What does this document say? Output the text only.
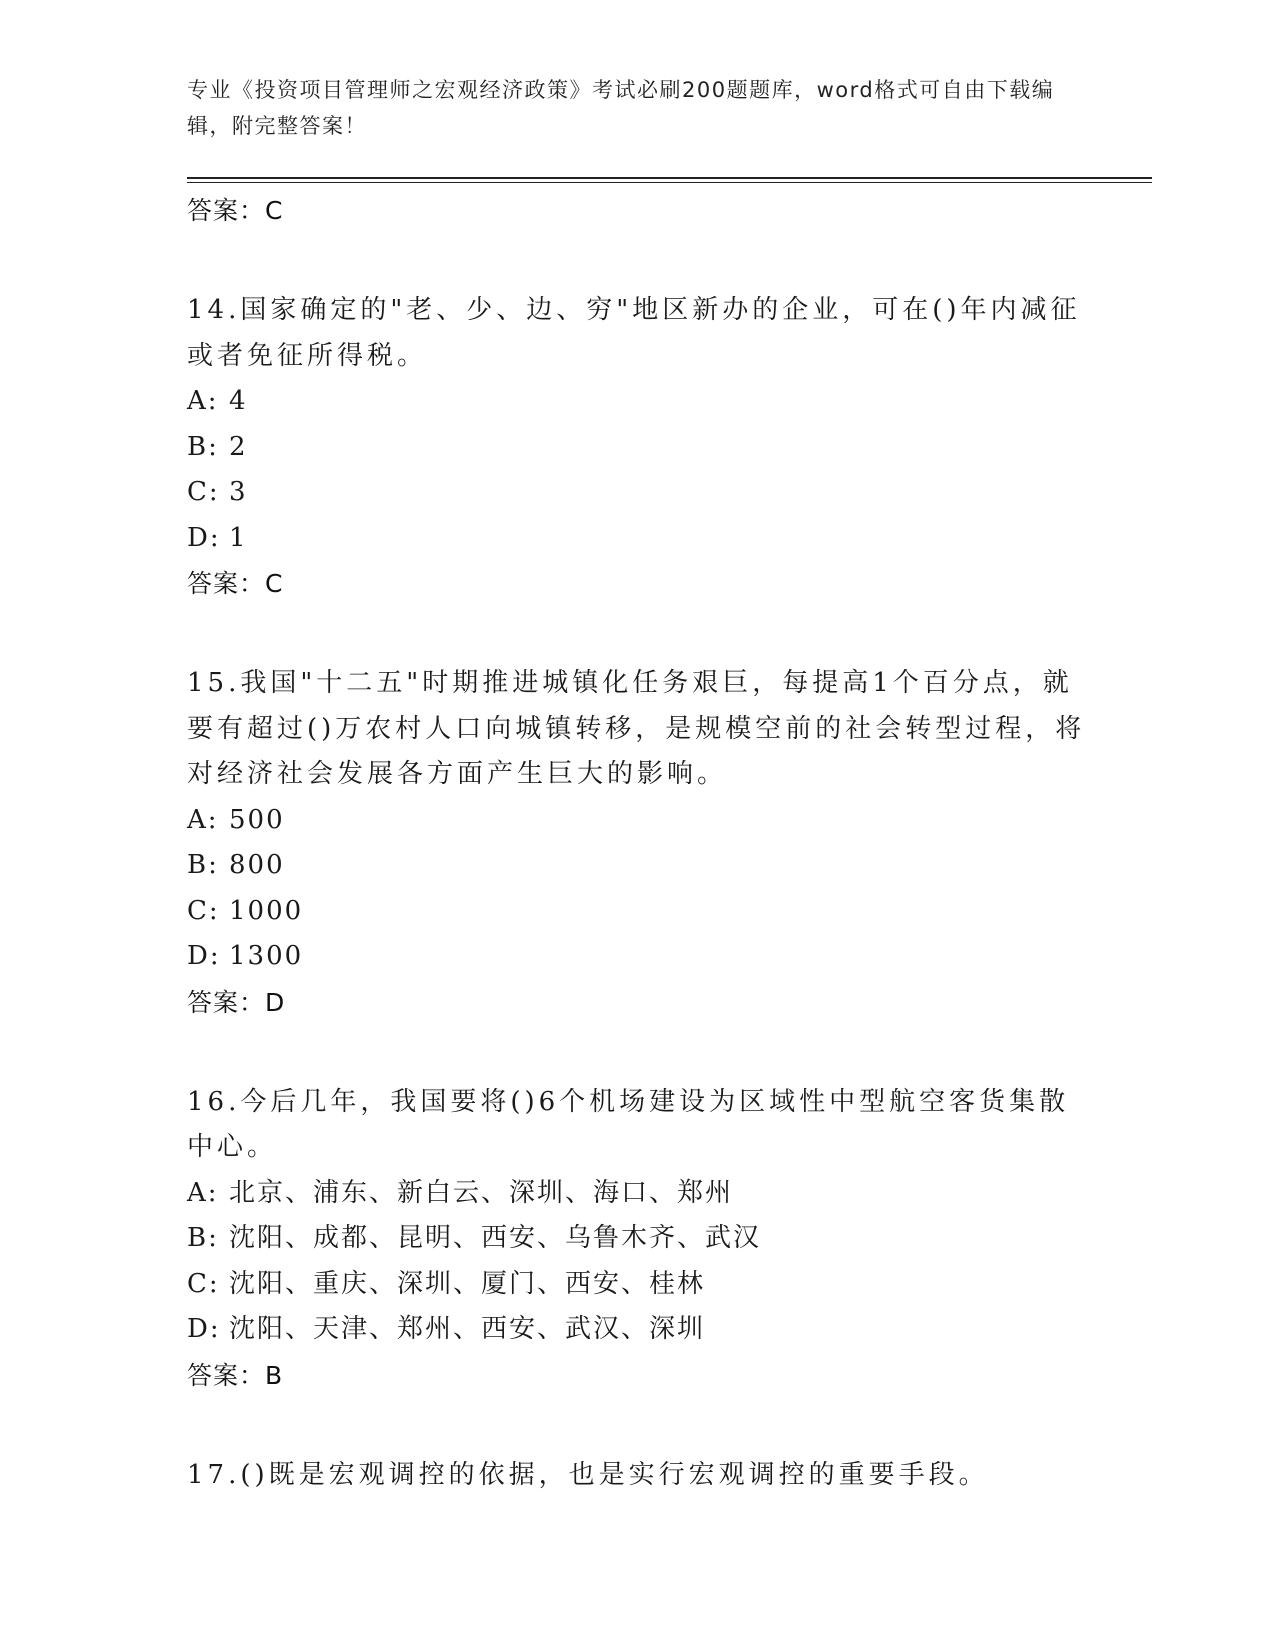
专业《投资项目管理师之宏观经济政策》考试必刷200题题库，word格式可自由下载编辑，附完整答案！
答案：C
14.国家确定的"老、少、边、穷"地区新办的企业，可在()年内减征或者免征所得税。
A: 4
B: 2
C: 3
D: 1
答案：C
15.我国"十二五"时期推进城镇化任务艰巨，每提高1个百分点，就要有超过()万农村人口向城镇转移，是规模空前的社会转型过程，将对经济社会发展各方面产生巨大的影响。
A: 500
B: 800
C: 1000
D: 1300
答案：D
16.今后几年，我国要将()6个机场建设为区域性中型航空客货集散中心。
A: 北京、浦东、新白云、深圳、海口、郑州
B: 沈阳、成都、昆明、西安、乌鲁木齐、武汉
C: 沈阳、重庆、深圳、厦门、西安、桂林
D: 沈阳、天津、郑州、西安、武汉、深圳
答案：B
17.()既是宏观调控的依据，也是实行宏观调控的重要手段。
